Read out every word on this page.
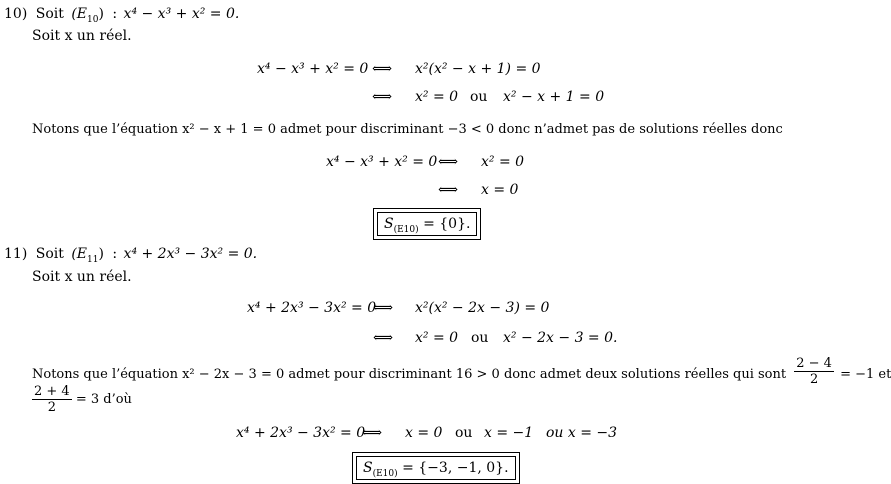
10) Soit $(E_{10})$ : x⁴ − x³ + x² = 0.
Soit x un réel.
x⁴ − x³ + x² = 0 ⟺ x²(x² − x + 1) = 0
⟺ x² = 0 ou x² − x + 1 = 0
Notons que l’équation x² − x + 1 = 0 admet pour discriminant −3 < 0 donc n’admet pas de solutions réelles donc
x⁴ − x³ + x² = 0 ⟺ x² = 0
⟺ x = 0
$S_{(E10)} = \{0\}$.
11) Soit $(E_{11})$ : x⁴ + 2x³ − 3x² = 0.
Soit x un réel.
x⁴ + 2x³ − 3x² = 0
⟺ x²(x² − 2x − 3) = 0
⟺ x² = 0 ou x² − 2x − 3 = 0.
Notons que l’équation x² − 2x − 3 = 0 admet pour discriminant 16 > 0 donc admet deux solutions réelles qui sont $\frac{2 - 4}{2} = -1$ et
$\frac{2 + 4}{2} = 3$ d’où
x⁴ + 2x³ − 3x² = 0
⟺ x = 0 ou x = −1 ou x = −3
$S_{(E10)} = \{-3$, −1, 0}.
